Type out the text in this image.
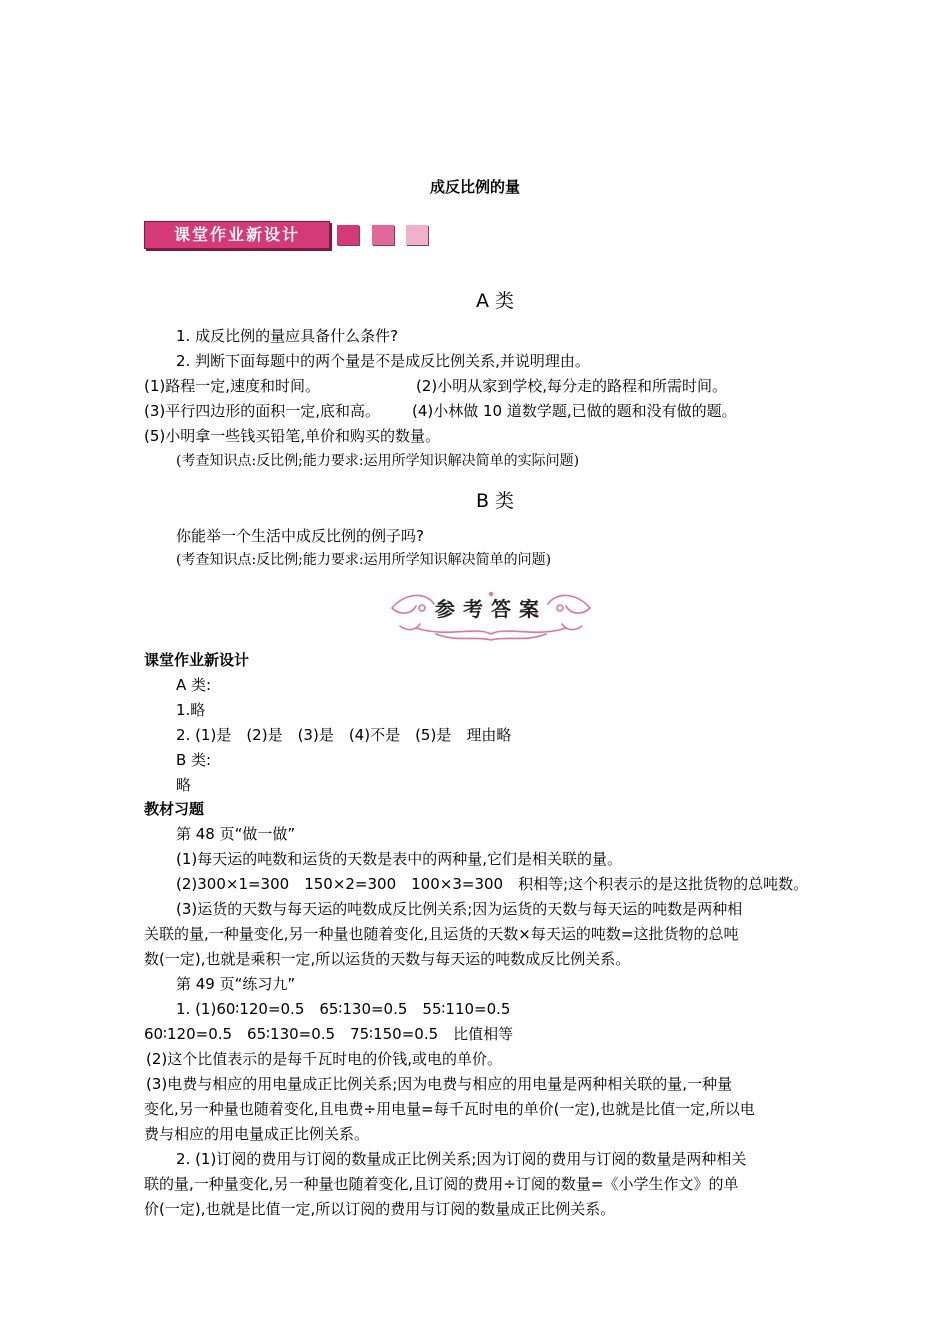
成反比例的量
课堂作业新设计
A 类
1. 成反比例的量应具备什么条件?
2. 判断下面每题中的两个量是不是成反比例关系,并说明理由。
(1)路程一定,速度和时间。	(2)小明从家到学校,每分走的路程和所需时间。
(3)平行四边形的面积一定,底和高。 (4)小林做 10 道数学题,已做的题和没有做的题。
(5)小明拿一些钱买铅笔,单价和购买的数量。
(考查知识点:反比例;能力要求:运用所学知识解决简单的实际问题)
B 类
你能举一个生活中成反比例的例子吗?
(考查知识点:反比例;能力要求:运用所学知识解决简单的问题)
参考答案
课堂作业新设计
A 类:
1.略
2. (1)是　(2)是　(3)是　(4)不是　(5)是　理由略
B 类:
略
教材习题
第 48 页“做一做”
(1)每天运的吨数和运货的天数是表中的两种量,它们是相关联的量。
(2)300×1=300　150×2=300　100×3=300　积相等;这个积表示的是这批货物的总吨数。
(3)运货的天数与每天运的吨数成反比例关系;因为运货的天数与每天运的吨数是两种相
关联的量,一种量变化,另一种量也随着变化,且运货的天数×每天运的吨数=这批货物的总吨
数(一定),也就是乘积一定,所以运货的天数与每天运的吨数成反比例关系。
第 49 页“练习九”
1. (1)60∶120=0.5　65∶130=0.5　55∶110=0.5
60∶120=0.5　65∶130=0.5　75∶150=0.5　比值相等
(2)这个比值表示的是每千瓦时电的价钱,或电的单价。
(3)电费与相应的用电量成正比例关系;因为电费与相应的用电量是两种相关联的量,一种量
变化,另一种量也随着变化,且电费÷用电量=每千瓦时电的单价(一定),也就是比值一定,所以电
费与相应的用电量成正比例关系。
2. (1)订阅的费用与订阅的数量成正比例关系;因为订阅的费用与订阅的数量是两种相关
联的量,一种量变化,另一种量也随着变化,且订阅的费用÷订阅的数量=《小学生作文》的单
价(一定),也就是比值一定,所以订阅的费用与订阅的数量成正比例关系。
